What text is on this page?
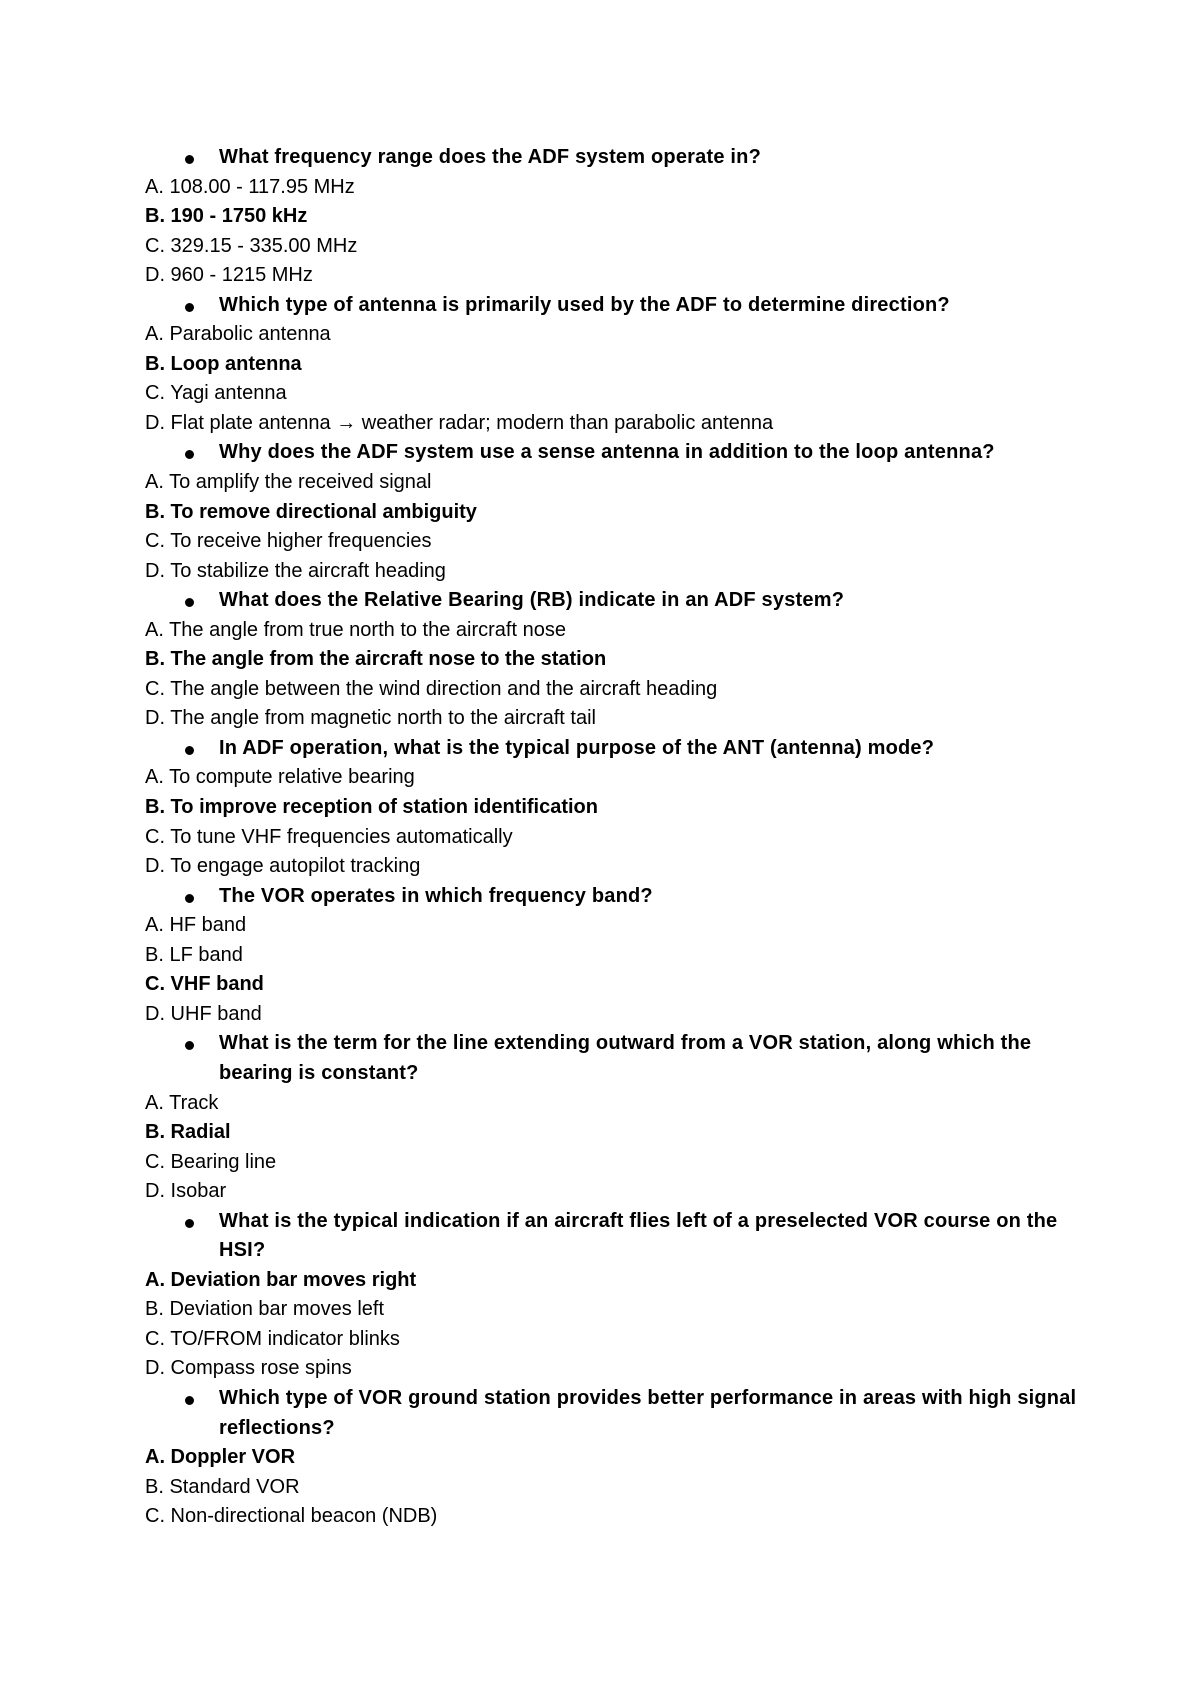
What frequency range does the ADF system operate in?
A. 108.00 - 117.95 MHz
B. 190 - 1750 kHz
C. 329.15 - 335.00 MHz
D. 960 - 1215 MHz
Which type of antenna is primarily used by the ADF to determine direction?
A. Parabolic antenna
B. Loop antenna
C. Yagi antenna
D. Flat plate antenna → weather radar; modern than parabolic antenna
Why does the ADF system use a sense antenna in addition to the loop antenna?
A. To amplify the received signal
B. To remove directional ambiguity
C. To receive higher frequencies
D. To stabilize the aircraft heading
What does the Relative Bearing (RB) indicate in an ADF system?
A. The angle from true north to the aircraft nose
B. The angle from the aircraft nose to the station
C. The angle between the wind direction and the aircraft heading
D. The angle from magnetic north to the aircraft tail
In ADF operation, what is the typical purpose of the ANT (antenna) mode?
A. To compute relative bearing
B. To improve reception of station identification
C. To tune VHF frequencies automatically
D. To engage autopilot tracking
The VOR operates in which frequency band?
A. HF band
B. LF band
C. VHF band
D. UHF band
What is the term for the line extending outward from a VOR station, along which the bearing is constant?
A. Track
B. Radial
C. Bearing line
D. Isobar
What is the typical indication if an aircraft flies left of a preselected VOR course on the HSI?
A. Deviation bar moves right
B. Deviation bar moves left
C. TO/FROM indicator blinks
D. Compass rose spins
Which type of VOR ground station provides better performance in areas with high signal reflections?
A. Doppler VOR
B. Standard VOR
C. Non-directional beacon (NDB)
